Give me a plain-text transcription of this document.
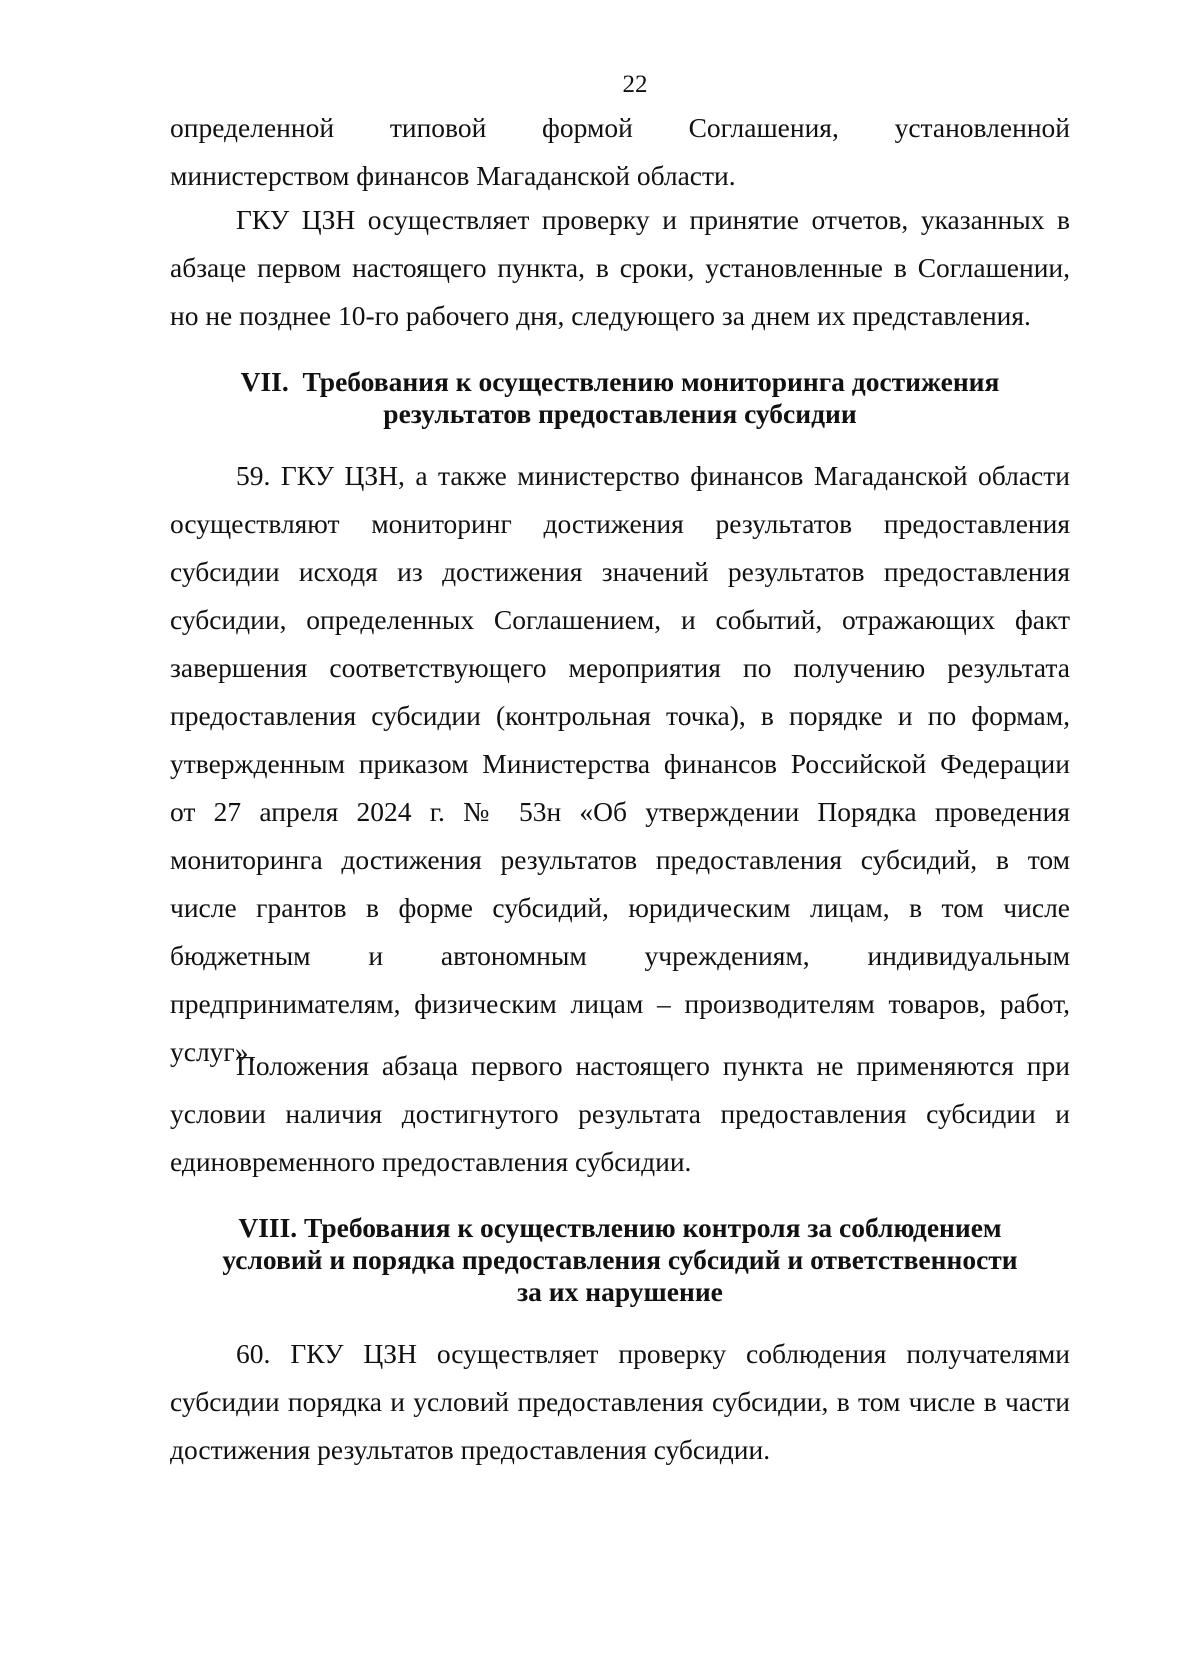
22
определенной типовой формой Соглашения, установленной
министерством финансов Магаданской области.
ГКУ ЦЗН осуществляет проверку и принятие отчетов, указанных в
абзаце первом настоящего пункта, в сроки, установленные в Соглашении,
но не позднее 10-го рабочего дня, следующего за днем их представления.
VII.  Требования к осуществлению мониторинга достижения
результатов предоставления субсидии
59. ГКУ ЦЗН, а также министерство финансов Магаданской области
осуществляют мониторинг достижения результатов предоставления
субсидии исходя из достижения значений результатов предоставления
субсидии, определенных Соглашением, и событий, отражающих факт
завершения соответствующего мероприятия по получению результата
предоставления субсидии (контрольная точка), в порядке и по формам,
утвержденным приказом Министерства финансов Российской Федерации
от 27 апреля 2024 г. № 53н «Об утверждении Порядка проведения
мониторинга достижения результатов предоставления субсидий, в том
числе грантов в форме субсидий, юридическим лицам, в том числе
бюджетным и автономным учреждениям, индивидуальным
предпринимателям, физическим лицам – производителям товаров, работ,
услуг».
Положения абзаца первого настоящего пункта не применяются при
условии наличия достигнутого результата предоставления субсидии и
единовременного предоставления субсидии.
VIII. Требования к осуществлению контроля за соблюдением
условий и порядка предоставления субсидий и ответственности
за их нарушение
60. ГКУ ЦЗН осуществляет проверку соблюдения получателями
субсидии порядка и условий предоставления субсидии, в том числе в части
достижения результатов предоставления субсидии.
